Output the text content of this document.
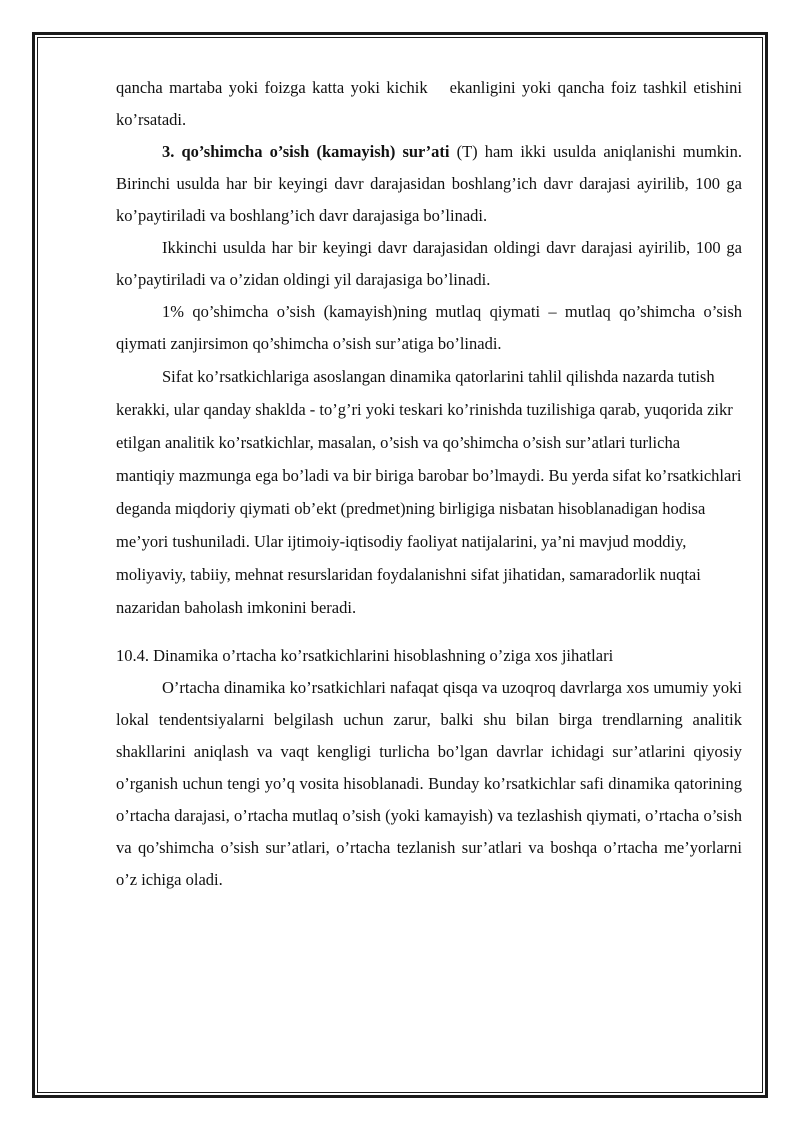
qancha martaba yoki foizga katta yoki kichik ekanligini yoki qancha foiz tashkil etishini ko’rsatadi.

3. qo’shimcha o’sish (kamayish) sur’ati (T) ham ikki usulda aniqlanishi mumkin. Birinchi usulda har bir keyingi davr darajasidan boshlang’ich davr darajasi ayirilib, 100 ga ko’paytiriladi va boshlang’ich davr darajasiga bo’linadi.

Ikkinchi usulda har bir keyingi davr darajasidan oldingi davr darajasi ayirilib, 100 ga ko’paytiriladi va o’zidan oldingi yil darajasiga bo’linadi.

1% qo’shimcha o’sish (kamayish)ning mutlaq qiymati – mutlaq qo’shimcha o’sish qiymati zanjirsimon qo’shimcha o’sish sur’atiga bo’linadi.

Sifat ko’rsatkichlariga asoslangan dinamika qatorlarini tahlil qilishda nazarda tutish kerakki, ular qanday shaklda - to’g’ri yoki teskari ko’rinishda tuzilishiga qarab, yuqorida zikr etilgan analitik ko’rsatkichlar, masalan, o’sish va qo’shimcha o’sish sur’atlari turlicha mantiqiy mazmunga ega bo’ladi va bir biriga barobar bo’lmaydi. Bu yerda sifat ko’rsatkichlari deganda miqdoriy qiymati ob’ekt (predmet)ning birligiga nisbatan hisoblanadigan hodisa me’yori tushuniladi. Ular ijtimoiy-iqtisodiy faoliyat natijalarini, ya’ni mavjud moddiy, moliyaviy, tabiiy, mehnat resurslaridan foydalanishni sifat jihatidan, samaradorlik nuqtai nazaridan baholash imkonini beradi.

10.4. Dinamika o’rtacha ko’rsatkichlarini hisoblashning o’ziga xos jihatlari

O’rtacha dinamika ko’rsatkichlari nafaqat qisqa va uzoqroq davrlarga xos umumiy yoki lokal tendentsiyalarni belgilash uchun zarur, balki shu bilan birga trendlarning analitik shakllarini aniqlash va vaqt kengligi turlicha bo’lgan davrlar ichidagi sur’atlarini qiyosiy o’rganish uchun tengi yo’q vosita hisoblanadi. Bunday ko’rsatkichlar safi dinamika qatorining o’rtacha darajasi, o’rtacha mutlaq o’sish (yoki kamayish) va tezlashish qiymati, o’rtacha o’sish va qo’shimcha o’sish sur’atlari, o’rtacha tezlanish sur’atlari va boshqa o’rtacha me’yorlarni o’z ichiga oladi.
